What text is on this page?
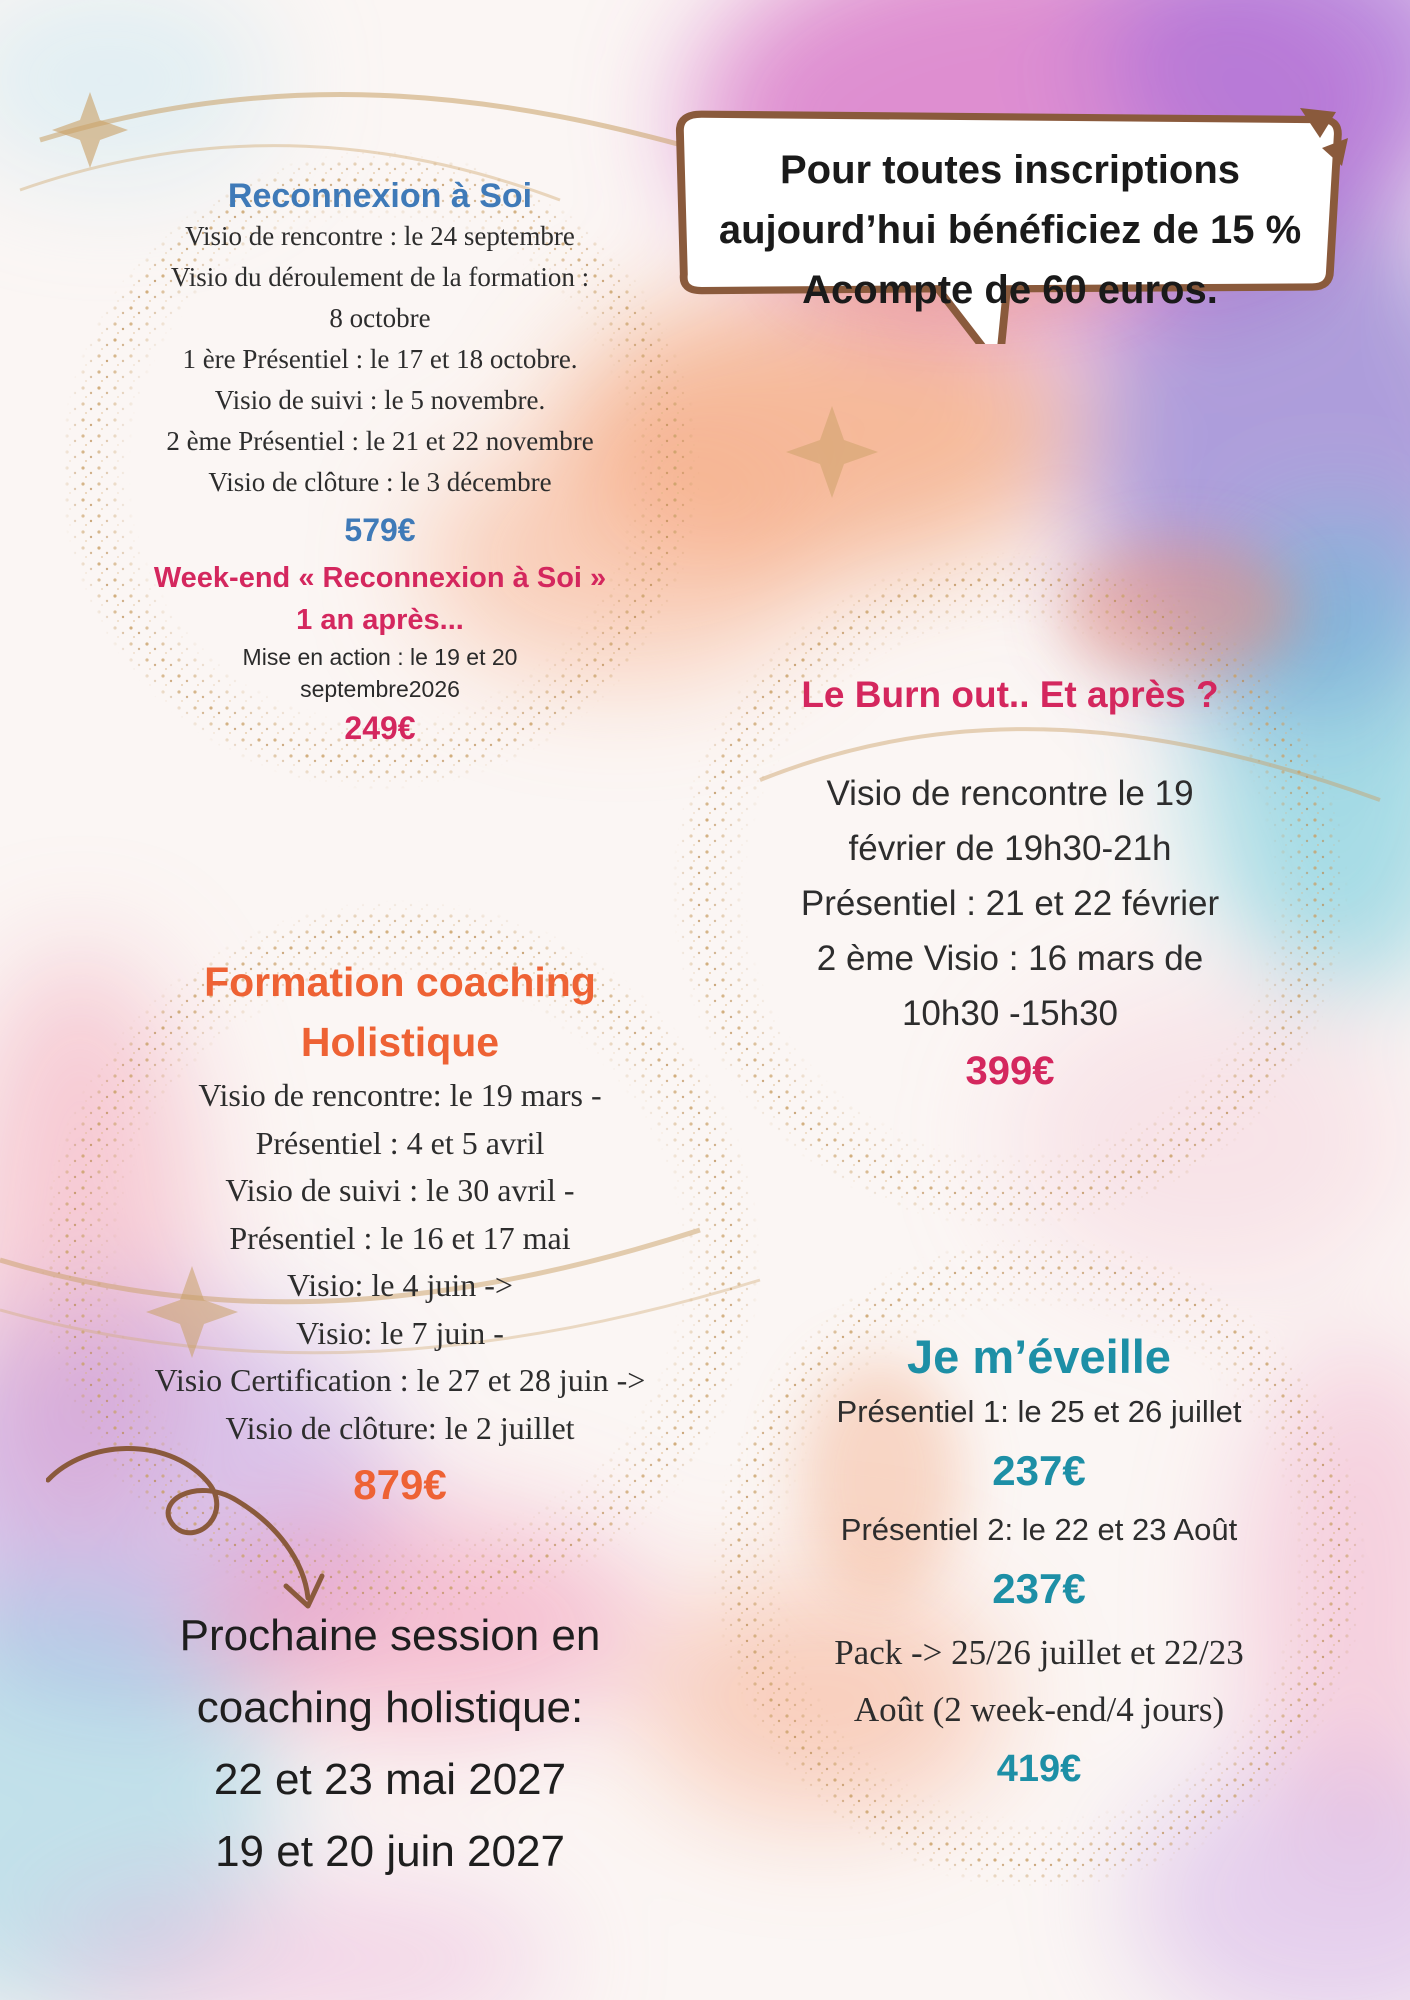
Pour toutes inscriptions
aujourd’hui bénéficiez de 15 %
Acompte de 60 euros.
Reconnexion à Soi
Visio de rencontre : le 24 septembre
Visio du déroulement de la formation :
8 octobre
1 ère Présentiel : le 17 et 18 octobre.
Visio de suivi : le 5 novembre.
2 ème Présentiel : le 21 et 22 novembre
Visio de clôture : le 3 décembre
579€
Week-end « Reconnexion à Soi »
1 an après...
Mise en action : le 19 et 20
septembre2026
249€
Le Burn out.. Et après ?
Visio de rencontre le 19
février de 19h30-21h
Présentiel : 21 et 22 février
2 ème Visio : 16 mars de
10h30 -15h30
399€
Formation coaching
Holistique
Visio de rencontre: le 19 mars -
Présentiel : 4 et 5 avril
Visio de suivi : le 30 avril -
Présentiel : le 16 et 17 mai
Visio: le 4 juin ->
Visio: le 7 juin -
Visio Certification : le 27 et 28 juin ->
Visio de clôture: le 2 juillet
879€
Je m’éveille
Présentiel 1: le 25 et 26 juillet
237€
Présentiel 2: le 22 et 23 Août
237€
Pack -> 25/26 juillet et 22/23
Août (2 week-end/4 jours)
419€
Prochaine session en
coaching holistique:
22 et 23 mai 2027
19 et 20 juin 2027
